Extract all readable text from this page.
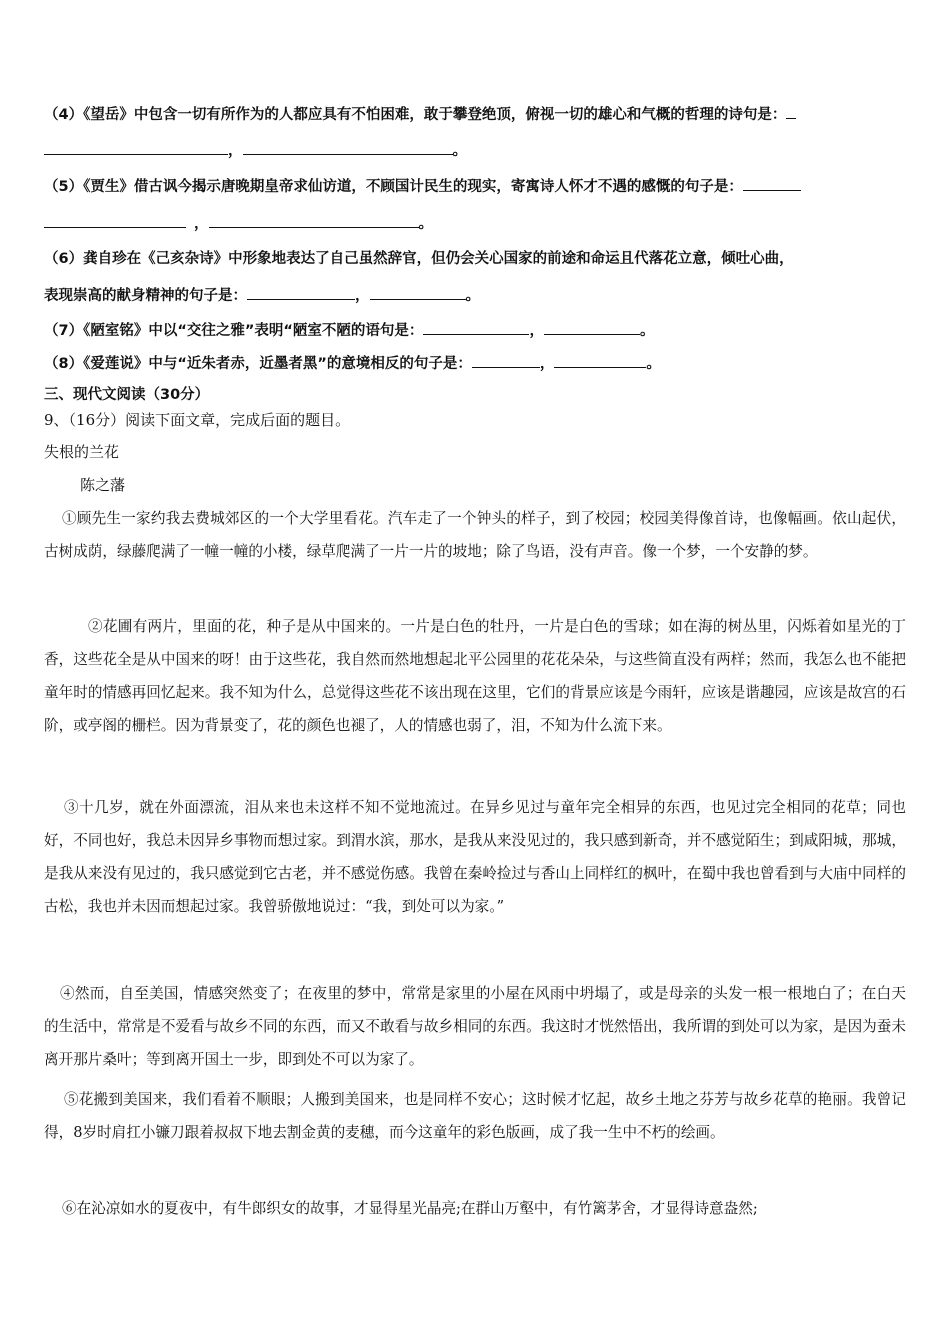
（4）《望岳》中包含一切有所作为的人都应具有不怕困难，敢于攀登绝顶，俯视一切的雄心和气概的哲理的诗句是：
，	。
（5）《贾生》借古讽今揭示唐晚期皇帝求仙访道，不顾国计民生的现实，寄寓诗人怀才不遇的感慨的句子是：
，	。
（6）龚自珍在《己亥杂诗》中形象地表达了自己虽然辞官，但仍会关心国家的前途和命运且代落花立意，倾吐心曲，
表现崇高的献身精神的句子是：	，	。
（7）《陋室铭》中以“交往之雅”表明“陋室不陋的语句是：	，	。
（8）《爱莲说》中与“近朱者赤，近墨者黑”的意境相反的句子是：	，	。
三、现代文阅读（30分）
9、（16分）阅读下面文章，完成后面的题目。
失根的兰花
陈之藩
①顾先生一家约我去费城郊区的一个大学里看花。汽车走了一个钟头的样子，到了校园；校园美得像首诗，也像幅画。依山起伏，古树成荫，绿藤爬满了一幢一幢的小楼，绿草爬满了一片一片的坡地；除了鸟语，没有声音。像一个梦，一个安静的梦。
②花圃有两片，里面的花，种子是从中国来的。一片是白色的牡丹，一片是白色的雪球；如在海的树丛里，闪烁着如星光的丁香，这些花全是从中国来的呀！由于这些花，我自然而然地想起北平公园里的花花朵朵，与这些简直没有两样；然而，我怎么也不能把童年时的情感再回忆起来。我不知为什么，总觉得这些花不该出现在这里，它们的背景应该是今雨轩，应该是谐趣园，应该是故宫的石阶，或亭阁的栅栏。因为背景变了，花的颜色也褪了，人的情感也弱了，泪，不知为什么流下来。
③十几岁，就在外面漂流，泪从来也未这样不知不觉地流过。在异乡见过与童年完全相异的东西，也见过完全相同的花草；同也好，不同也好，我总未因异乡事物而想过家。到渭水滨，那水，是我从来没见过的，我只感到新奇，并不感觉陌生；到咸阳城，那城，是我从来没有见过的，我只感觉到它古老，并不感觉伤感。我曾在秦岭捡过与香山上同样红的枫叶，在蜀中我也曾看到与大庙中同样的古松，我也并未因而想起过家。我曾骄傲地说过：“我，到处可以为家。”
④然而，自至美国，情感突然变了；在夜里的梦中，常常是家里的小屋在风雨中坍塌了，或是母亲的头发一根一根地白了；在白天的生活中，常常是不爱看与故乡不同的东西，而又不敢看与故乡相同的东西。我这时才恍然悟出，我所谓的到处可以为家，是因为蚕未离开那片桑叶；等到离开国土一步，即到处不可以为家了。
⑤花搬到美国来，我们看着不顺眼；人搬到美国来，也是同样不安心；这时候才忆起，故乡土地之芬芳与故乡花草的艳丽。我曾记得，8岁时肩扛小镰刀跟着叔叔下地去割金黄的麦穗，而今这童年的彩色版画，成了我一生中不朽的绘画。
⑥在沁凉如水的夏夜中，有牛郎织女的故事，才显得星光晶亮;在群山万壑中，有竹篱茅舍，才显得诗意盎然;
